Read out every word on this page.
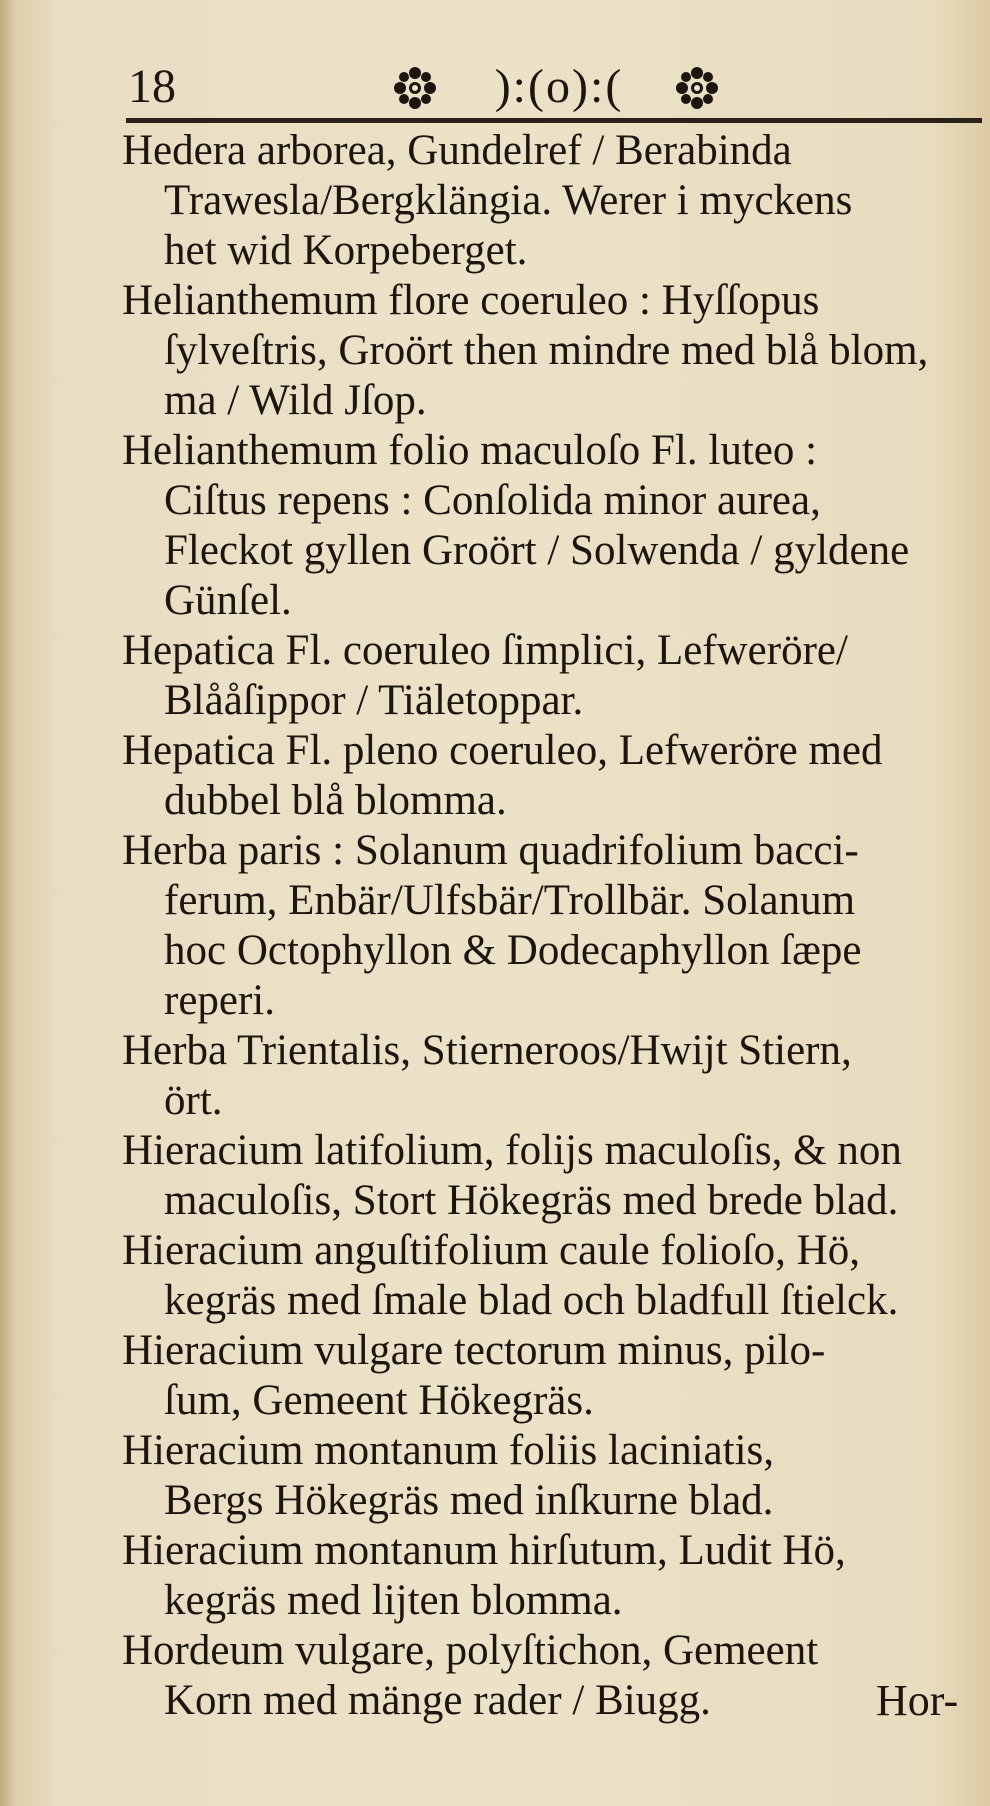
18	):(o):(
Hedera arborea, Gundelref / Berabinda
Trawesla/Bergklängia. Werer i myckens
het wid Korpeberget.
Helianthemum flore coeruleo : Hyſſopus
ſylveſtris, Groört then mindre med blå blom,
ma / Wild Jſop.
Helianthemum folio maculoſo Fl. luteo :
Ciſtus repens : Conſolida minor aurea,
Fleckot gyllen Groört / Solwenda / gyldene
Günſel.
Hepatica Fl. coeruleo ſimplici, Lefweröre/
Blååſippor / Tiäletoppar.
Hepatica Fl. pleno coeruleo, Lefweröre med
dubbel blå blomma.
Herba paris : Solanum quadrifolium bacci-
ferum, Enbär/Ulfsbär/Trollbär. Solanum
hoc Octophyllon & Dodecaphyllon ſæpe
reperi.
Herba Trientalis, Stierneroos/Hwijt Stiern,
ört.
Hieracium latifolium, folijs maculoſis, & non
maculoſis, Stort Hökegräs med brede blad.
Hieracium anguſtifolium caule folioſo, Hö,
kegräs med ſmale blad och bladfull ſtielck.
Hieracium vulgare tectorum minus, pilo-
ſum, Gemeent Hökegräs.
Hieracium montanum foliis laciniatis,
Bergs Hökegräs med inſkurne blad.
Hieracium montanum hirſutum, Ludit Hö,
kegräs med lijten blomma.
Hordeum vulgare, polyſtichon, Gemeent
Korn med mänge rader / Biugg.	Hor-
